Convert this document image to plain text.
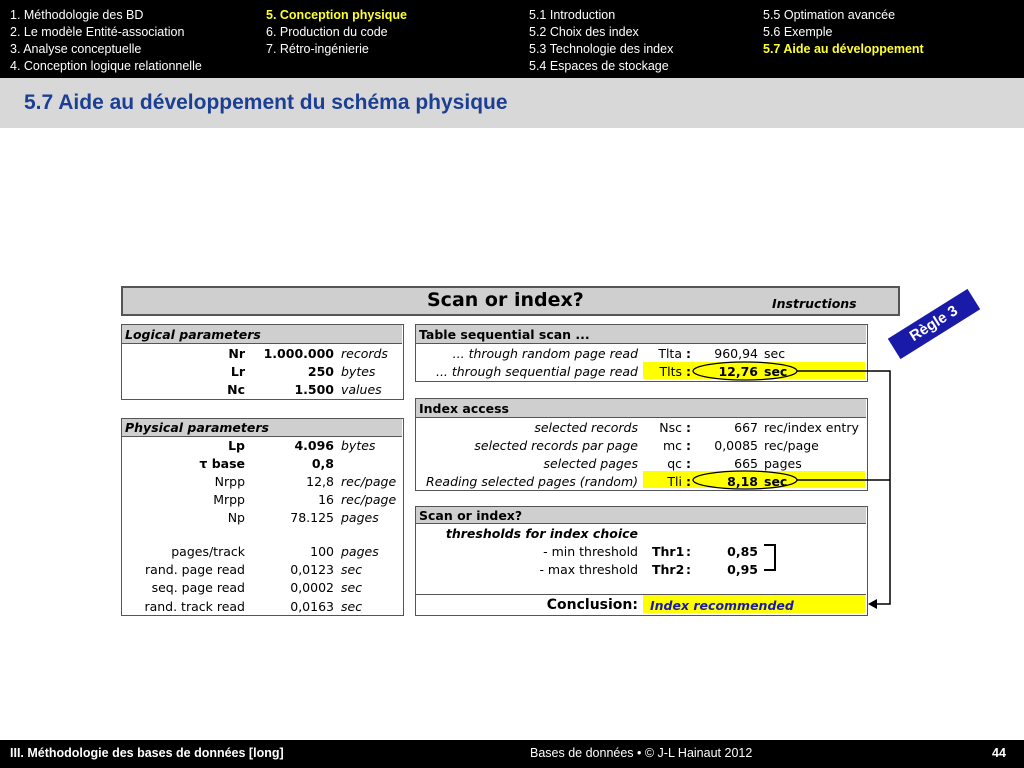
1. Méthodologie des BD
2. Le modèle Entité-association
3. Analyse conceptuelle
4. Conception logique relationnelle
5. Conception physique
6. Production du code
7. Rétro-ingénierie
5.1 Introduction
5.2 Choix des index
5.3 Technologie des index
5.4 Espaces de stockage
5.5 Optimation avancée
5.6 Exemple
5.7 Aide au développement
5.7 Aide au développement du schéma physique
Scan or index?	Instructions
Logical parameters
Nr	1.000.000 records
Lr	250 bytes
Nc	1.500 values
Physical parameters
Lp	4.096 bytes
τ base	0,8
Nrpp	12,8 rec/page
Mrpp	16 rec/page
Np	78.125 pages
pages/track	100 pages
rand. page read	0,0123 sec
seq. page read	0,0002 sec
rand. track read	0,0163 sec
Table sequential scan ...
Index access
Scan or index?
... through random page read	Tlta :	960,94 sec
... through sequential page read	Tlts :	12,76 sec
selected records	Nsc :	667 rec/index entry
selected records par page	mc :	0,0085 rec/page
selected pages	qc :	665 pages
Reading selected pages (random)	Tli :	8,18 sec
thresholds for index choice
- min threshold Thr1 :	0,85
- max threshold Thr2 :	0,95
Conclusion: Index recommended
Règle 3
III. Méthodologie des bases de données [long]	Bases de données • © J-L Hainaut 2012	44
